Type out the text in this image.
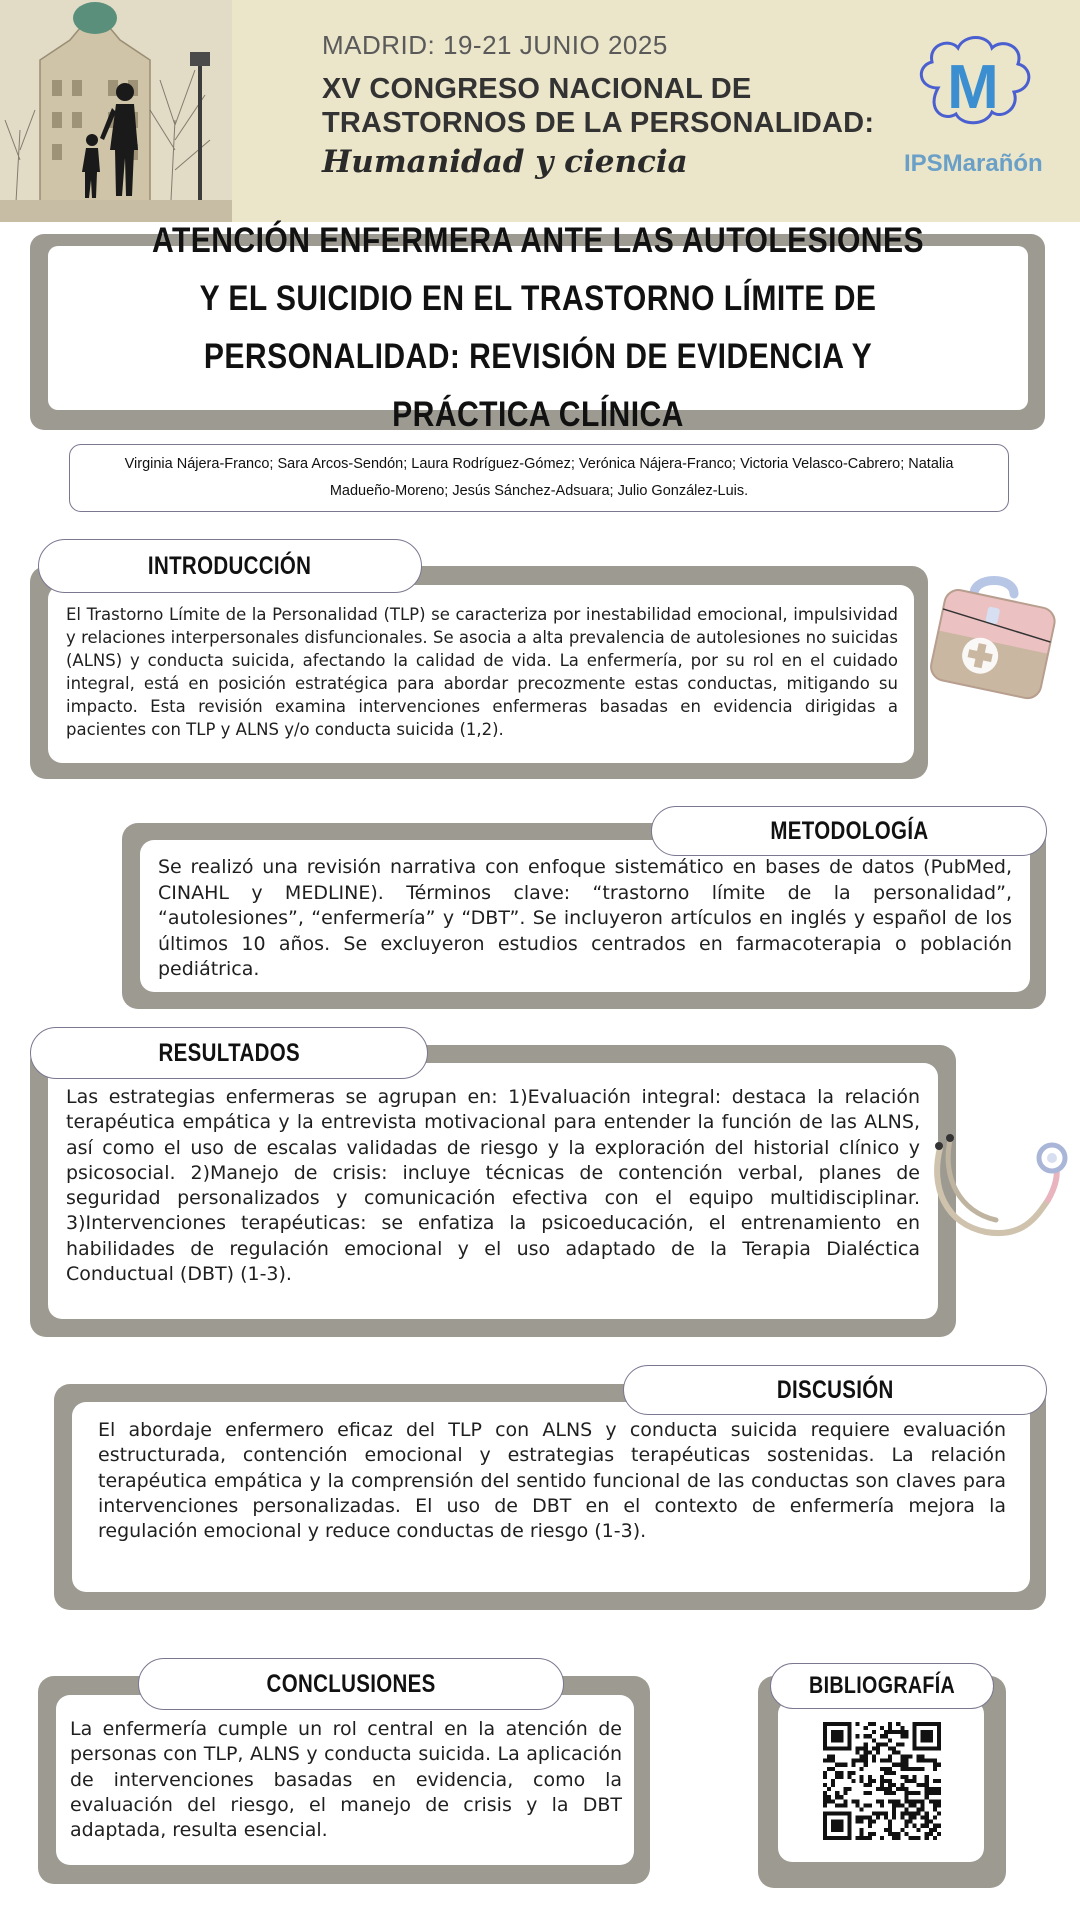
MADRID: 19-21 JUNIO 2025
XV CONGRESO NACIONAL DE
TRASTORNOS DE LA PERSONALIDAD:
Humanidad y ciencia
M
IPSMarañón
ATENCIÓN ENFERMERA ANTE LAS AUTOLESIONES Y EL SUICIDIO EN EL TRASTORNO LÍMITE DE PERSONALIDAD: REVISIÓN DE EVIDENCIA Y PRÁCTICA CLÍNICA
Virginia Nájera-Franco; Sara Arcos-Sendón; Laura Rodríguez-Gómez; Verónica Nájera-Franco; Victoria Velasco-Cabrero; Natalia Madueño-Moreno; Jesús Sánchez-Adsuara; Julio González-Luis.
El Trastorno Límite de la Personalidad (TLP) se caracteriza por inestabilidad emocional, impulsividad y relaciones interpersonales disfuncionales. Se asocia a alta prevalencia de autolesiones no suicidas (ALNS) y conducta suicida, afectando la calidad de vida. La enfermería, por su rol en el cuidado integral, está en posición estratégica para abordar precozmente estas conductas, mitigando su impacto. Esta revisión examina intervenciones enfermeras basadas en evidencia dirigidas a pacientes con TLP y ALNS y/o conducta suicida (1,2).
INTRODUCCIÓN
Se realizó una revisión narrativa con enfoque sistemático en bases de datos (PubMed, CINAHL y MEDLINE). Términos clave: “trastorno límite de la personalidad”, “autolesiones”, “enfermería” y “DBT”. Se incluyeron artículos en inglés y español de los últimos 10 años. Se excluyeron estudios centrados en farmacoterapia o población pediátrica.
METODOLOGÍA
Las estrategias enfermeras se agrupan en: 1)Evaluación integral: destaca la relación terapéutica empática y la entrevista motivacional para entender la función de las ALNS, así como el uso de escalas validadas de riesgo y la exploración del historial clínico y psicosocial. 2)Manejo de crisis: incluye técnicas de contención verbal, planes de seguridad personalizados y comunicación efectiva con el equipo multidisciplinar. 3)Intervenciones terapéuticas: se enfatiza la psicoeducación, el entrenamiento en habilidades de regulación emocional y el uso adaptado de la Terapia Dialéctica Conductual (DBT) (1-3).
RESULTADOS
El abordaje enfermero eficaz del TLP con ALNS y conducta suicida requiere evaluación estructurada, contención emocional y estrategias terapéuticas sostenidas. La relación terapéutica empática y la comprensión del sentido funcional de las conductas son claves para intervenciones personalizadas. El uso de DBT en el contexto de enfermería mejora la regulación emocional y reduce conductas de riesgo (1-3).
DISCUSIÓN
La enfermería cumple un rol central en la atención de personas con TLP, ALNS y conducta suicida. La aplicación de intervenciones basadas en evidencia, como la evaluación del riesgo, el manejo de crisis y la DBT adaptada, resulta esencial.
CONCLUSIONES	BIBLIOGRAFÍA
